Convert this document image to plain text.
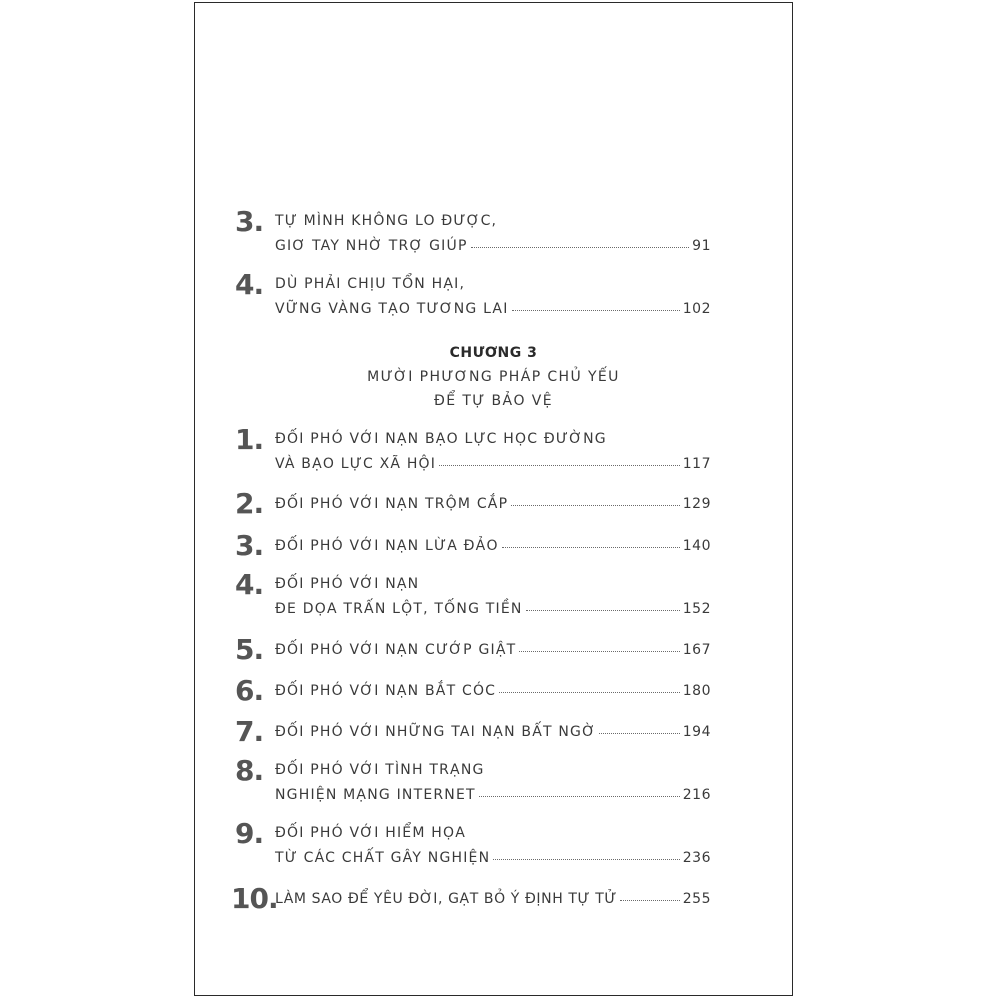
3. TỰ MÌNH KHÔNG LO ĐƯỢC,
GIƠ TAY NHỜ TRỢ GIÚP	91
4. DÙ PHẢI CHỊU TỔN HẠI,
VỮNG VÀNG TẠO TƯƠNG LAI	102
CHƯƠNG 3
MƯỜI PHƯƠNG PHÁP CHỦ YẾU
ĐỂ TỰ BẢO VỆ
1. ĐỐI PHÓ VỚI NẠN BẠO LỰC HỌC ĐƯỜNG
VÀ BẠO LỰC XÃ HỘI	117
2. ĐỐI PHÓ VỚI NẠN TRỘM CẮP	129
3. ĐỐI PHÓ VỚI NẠN LỪA ĐẢO	140
4. ĐỐI PHÓ VỚI NẠN
ĐE DỌA TRẤN LỘT, TỐNG TIỀN	152
5. ĐỐI PHÓ VỚI NẠN CƯỚP GIẬT	167
6. ĐỐI PHÓ VỚI NẠN BẮT CÓC	180
7. ĐỐI PHÓ VỚI NHỮNG TAI NẠN BẤT NGỜ	194
8. ĐỐI PHÓ VỚI TÌNH TRẠNG
NGHIỆN MẠNG INTERNET	216
9. ĐỐI PHÓ VỚI HIỂM HỌA
TỪ CÁC CHẤT GÂY NGHIỆN	236
10.
LÀM SAO ĐỂ YÊU ĐỜI, GẠT BỎ Ý ĐỊNH TỰ TỬ	255
